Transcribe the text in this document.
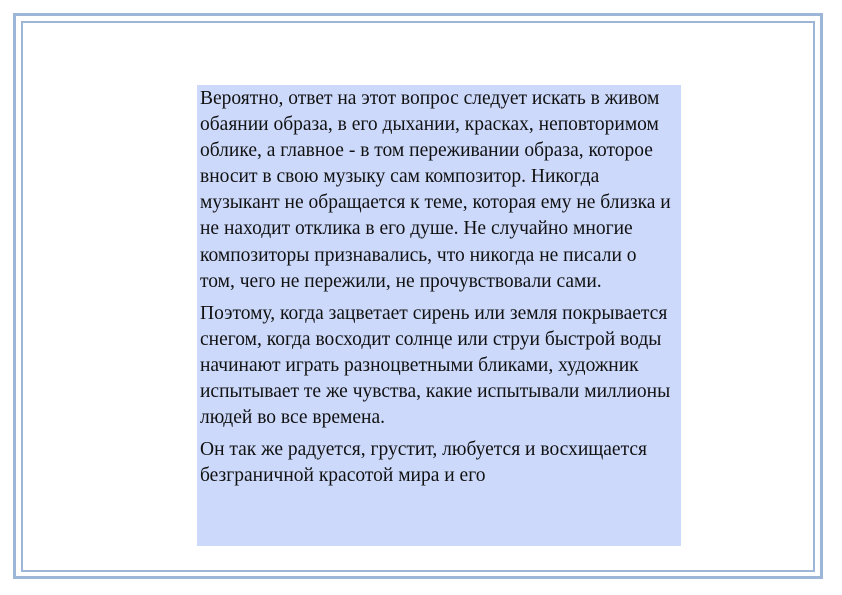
Вероятно, ответ на этот вопрос следует искать в живом обаянии образа, в его дыхании, красках, неповторимом облике, а главное - в том переживании образа, которое вносит в свою музыку сам композитор. Никогда музыкант не обращается к теме, которая ему не близка и не находит отклика в его душе. Не случайно многие композиторы признавались, что никогда не писали о том, чего не пережили, не прочувствовали сами.

Поэтому, когда зацветает сирень или земля покрывается снегом, когда восходит солнце или струи быстрой воды начинают играть разноцветными бликами, художник испытывает те же чувства, какие испытывали миллионы людей во все времена.

Он так же радуется, грустит, любуется и восхищается безграничной красотой мира и его
